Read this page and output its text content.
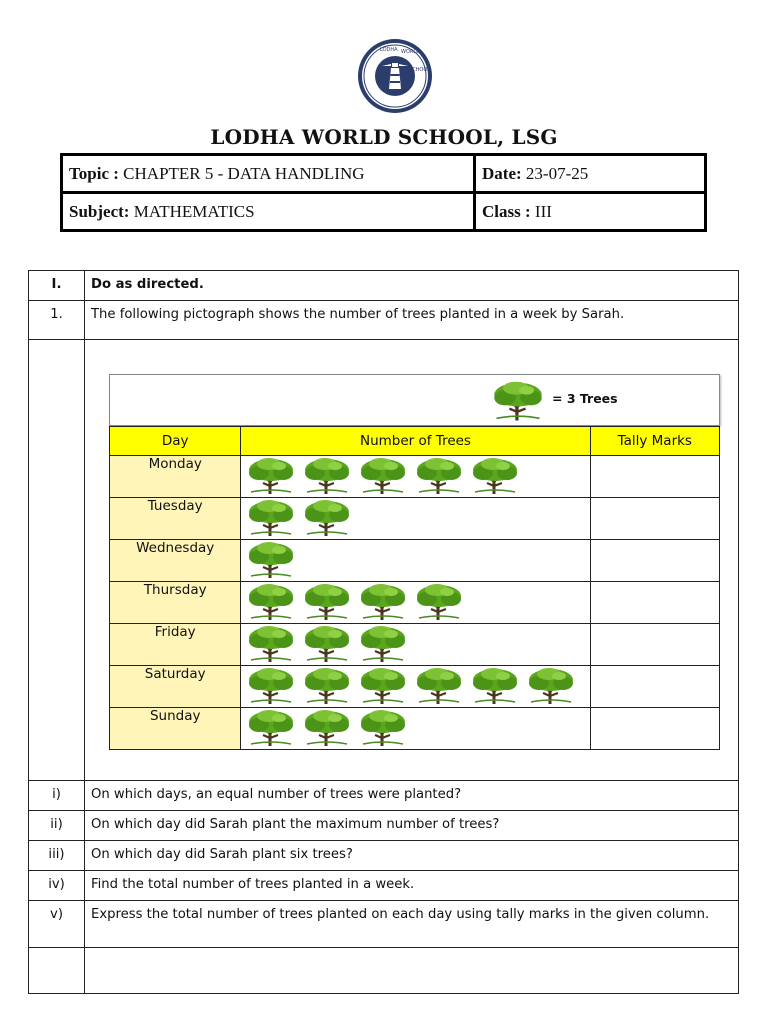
LODHA WORLD
SCHOOL
LODHA WORLD SCHOOL, LSG
Topic : CHAPTER 5 - DATA HANDLING	Date: 23-07-25
Subject: MATHEMATICS	Class : III
I.	Do as directed.
1.	The following pictograph shows the number of trees planted in a week by Sarah.

= 3 Trees
Day	Number of Trees	Tally Marks
Monday		
Tuesday		
Wednesday		
Thursday		
Friday		
Saturday		
Sunday		

i)	On which days, an equal number of trees were planted?
ii)	On which day did Sarah plant the maximum number of trees?
iii)	On which day did Sarah plant six trees?
iv)	Find the total number of trees planted in a week.
v)	Express the total number of trees planted on each day using tally marks in the given column.
